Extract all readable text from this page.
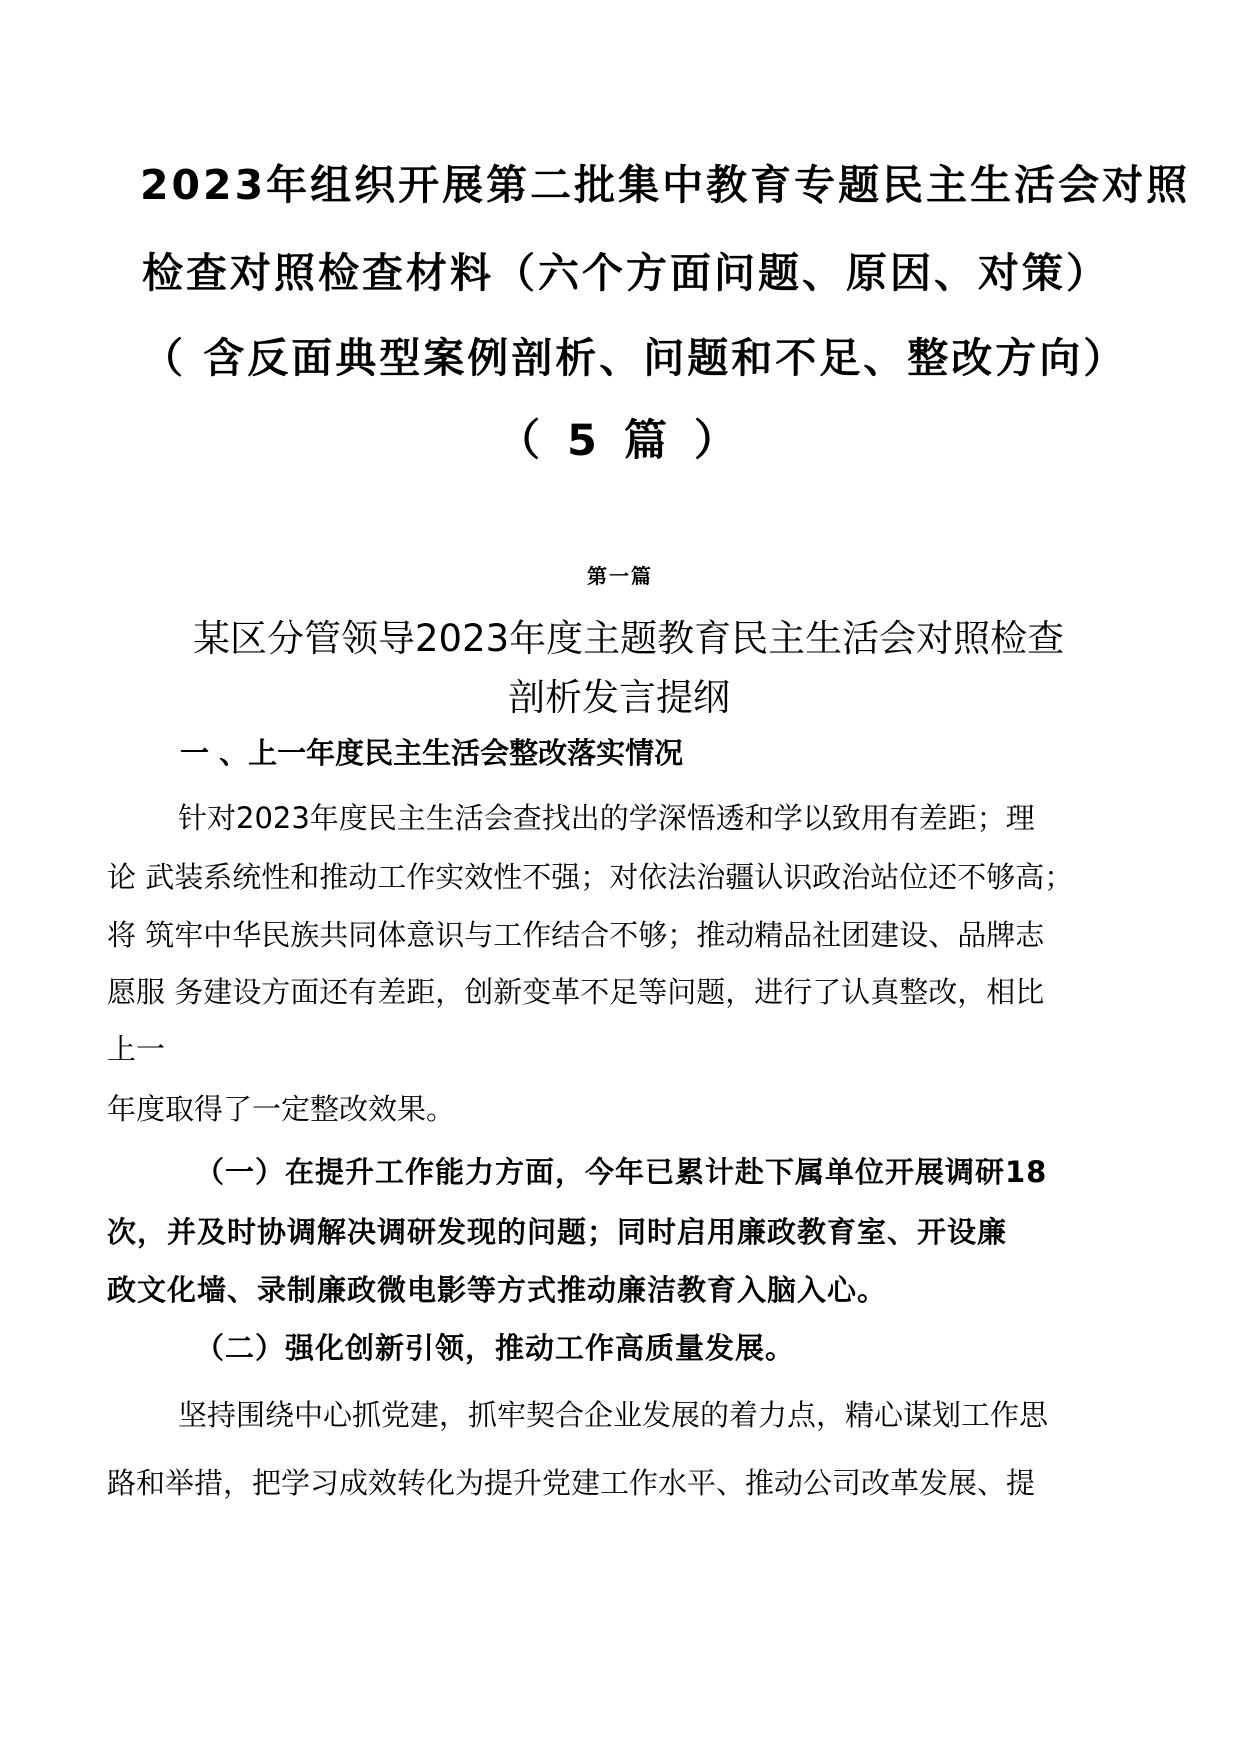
2023年组织开展第二批集中教育专题民主生活会对照
检查对照检查材料（六个方面问题、原因、对策）
（ 含反面典型案例剖析、问题和不足、整改方向）
（ 5 篇 ）
第一篇
某区分管领导2023年度主题教育民主生活会对照检查
剖析发言提纲
一 、上一年度民主生活会整改落实情况
针对2023年度民主生活会查找出的学深悟透和学以致用有差距；理
论 武装系统性和推动工作实效性不强；对依法治疆认识政治站位还不够高；
将 筑牢中华民族共同体意识与工作结合不够；推动精品社团建设、品牌志
愿服 务建设方面还有差距，创新变革不足等问题，进行了认真整改，相比
上一
年度取得了一定整改效果。
（一）在提升工作能力方面，今年已累计赴下属单位开展调研18
次，并及时协调解决调研发现的问题；同时启用廉政教育室、开设廉
政文化墙、录制廉政微电影等方式推动廉洁教育入脑入心。
（二）强化创新引领，推动工作高质量发展。
坚持围绕中心抓党建，抓牢契合企业发展的着力点，精心谋划工作思
路和举措，把学习成效转化为提升党建工作水平、推动公司改革发展、提
